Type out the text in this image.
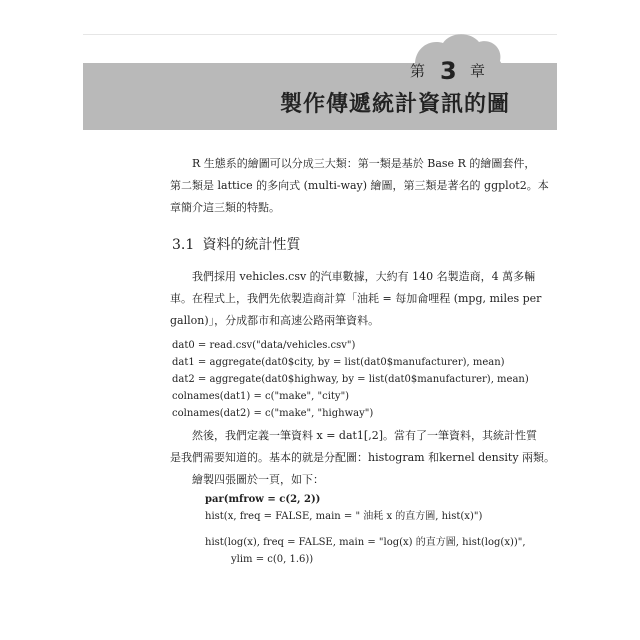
第 3 章
製作傳遞統計資訊的圖
R 生態系的繪圖可以分成三大類：第一類是基於 Base R 的繪圖套件，
第二類是 lattice 的多向式 (multi-way) 繪圖，第三類是著名的 ggplot2。本
章簡介這三類的特點。
3.1 資料的統計性質
我們採用 vehicles.csv 的汽車數據，大約有 140 名製造商，4 萬多輛
車。在程式上，我們先依製造商計算「油耗 = 每加侖哩程 (mpg, miles per
gallon)」，分成都市和高速公路兩筆資料。
dat0 = read.csv("data/vehicles.csv")
dat1 = aggregate(dat0$city, by = list(dat0$manufacturer), mean)
dat2 = aggregate(dat0$highway, by = list(dat0$manufacturer), mean)
colnames(dat1) = c("make", "city")
colnames(dat2) = c("make", "highway")
然後，我們定義一筆資料 x = dat1[,2]。當有了一筆資料，其統計性質
是我們需要知道的。基本的就是分配圖：histogram 和kernel density 兩類。
繪製四張圖於一頁，如下：
par(mfrow = c(2, 2))
hist(x, freq = FALSE, main = " 油耗 x 的直方圖, hist(x)")
hist(log(x), freq = FALSE, main = "log(x) 的直方圖, hist(log(x))",
ylim = c(0, 1.6))
